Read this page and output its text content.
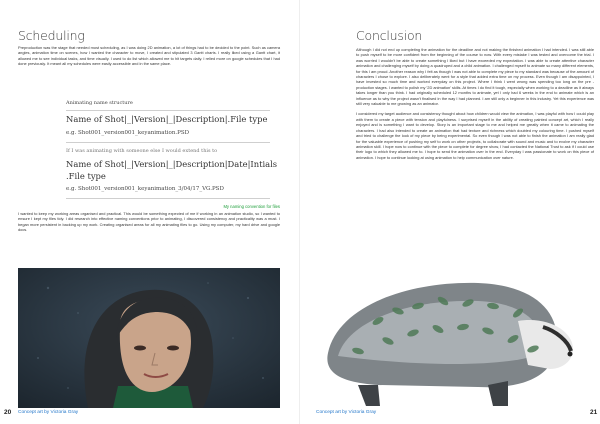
Scheduling
Preproduction was the stage that needed most scheduling, as I was doing 2D animation, a lot of things had to be decided to the point. Such as camera angles, animation time on scenes, how I wanted the character to move, I created and stipulated 3 Gantt charts. I really liked using a Gantt chart, it allowed me to see individual tasks, and time visually. I used to do list which allowed me to hit targets daily. I relied more on google schedules that I had done previously. It meant all my schedules were easily accessible and in the same place.
Animating name structure
Name of Shot|_|Version|_|Description|.File type
e.g. Shot001_version001_keyanimation.PSD
If I was animating with someone else I would extend this to
Name of Shot|_|Version|_|Description|Date|Intials
.File type
e.g. Shot001_version001_keyanimation_3/04/17_VG.PSD
My naming convention for files
I wanted to keep my working areas organised and practical. This would be something expected of me if working in an animation studio, so I wanted to ensure I kept my files tidy. I did research into effective naming conventions prior to animating, I discovered consistency and practicality was a must. I began more persistent in backing up my work. Creating organised areas for all my animating files to go. Using my computer, my hard drive and google docs.
Concept art by Victoria Gray
20
Conclusion

Although I did not end up completing the animation for the deadline and not making the finished animation I had intended. I was still able to push myself to be more confident from the beginning of the course to now. With every mistake I was tested and overcome the trial. I was worried I wouldn't be able to create something I liked but I have exceeded my expectation. I was able to create attentive character animation and challenging myself by doing a quadruped and a child animation. I challenged myself to animate so many different elements, for this I am proud. Another reason why I felt as though I was not able to complete my piece to my standard was because of the amount of characters I chose to explore. I also deliberately went for a style that added extra time on my process. Even though I am disappointed, I have invested so much time and worked everyday on this project. Where I think I went wrong was spending too long on the pre - production stages. I wanted to polish my '2D animation' skills. At times I do find it tough, especially when working to a deadline as it always takes longer than you think. I had originally scheduled 12 months to animate, yet I only had 6 weeks in the end to animate which is an influence as to why the project wasn't finalised in the way I had planned. I am still only a beginner in this industry. Yet this experience was still very valuable to me growing as an animator.

I considered my target audience and consistency thought about how children would view the animation, I was playful with how I could play with them to create a piece with tension and playfulness. I surprised myself in the ability of creating painted concept art, which I really enjoyed and is something I want to develop. Story is an important stage to me and helped me greatly when it came to animating the characters. I had also intended to create an animation that had texture and richness which doubled my colouring time. I pushed myself and tried to challenge the look of my piece by being experimental. So even though I was not able to finish the animation I am really glad for the valuable experience of pushing my self to work on other projects, to collaborate with sound and music and to evolve my character animation skill. I hope now to continue with the piece to complete for degree show, I had contacted the National Trust to ask if I could use their logo to which they allowed me to. I hope to send the animation over in the end. Everyday I was passionate to work on this piece of animation. I hope to continue looking at using animation to help communication over nature.

Concept art by Victoria Gray	21
